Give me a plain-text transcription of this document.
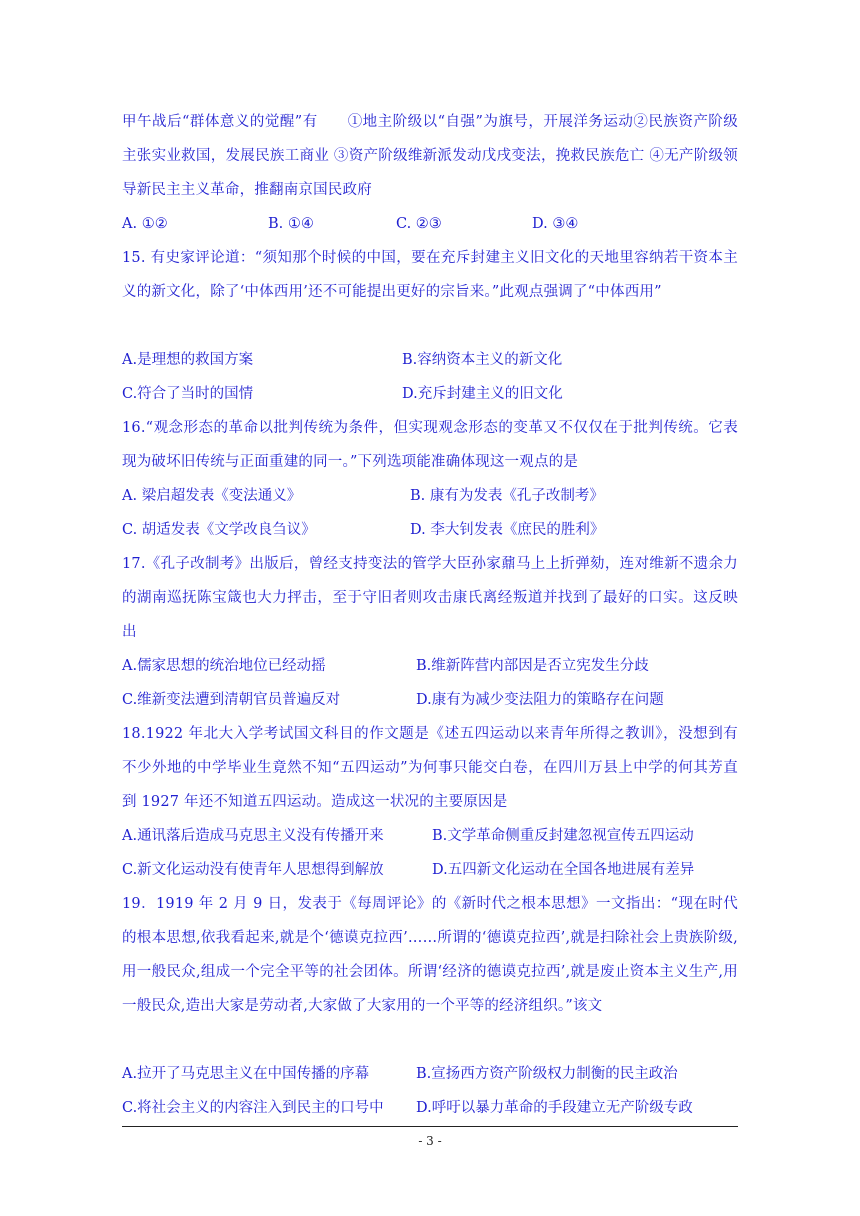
甲午战后“群体意义的觉醒”有　　①地主阶级以“自强”为旗号，开展洋务运动②民族资产阶级主张实业救国，发展民族工商业 ③资产阶级维新派发动戊戌变法，挽救民族危亡 ④无产阶级领导新民主主义革命，推翻南京国民政府

A. ①②	B. ①④	C. ②③	D. ③④

15. 有史家评论道：“须知那个时候的中国，要在充斥封建主义旧文化的天地里容纳若干资本主义的新文化，除了‘中体西用’还不可能提出更好的宗旨来。”此观点强调了“中体西用”

A.是理想的救国方案	B.容纳资本主义的新文化
C.符合了当时的国情	D.充斥封建主义的旧文化

16.“观念形态的革命以批判传统为条件，但实现观念形态的变革又不仅仅在于批判传统。它表现为破坏旧传统与正面重建的同一。”下列选项能准确体现这一观点的是

A. 梁启超发表《变法通义》	B. 康有为发表《孔子改制考》
C. 胡适发表《文学改良刍议》	D. 李大钊发表《庶民的胜利》

17.《孔子改制考》出版后，曾经支持变法的管学大臣孙家鼐马上上折弹劾，连对维新不遗余力的湖南巡抚陈宝箴也大力抨击，至于守旧者则攻击康氏离经叛道并找到了最好的口实。这反映出

A.儒家思想的统治地位已经动摇	B.维新阵营内部因是否立宪发生分歧
C.维新变法遭到清朝官员普遍反对	D.康有为减少变法阻力的策略存在问题

18.1922 年北大入学考试国文科目的作文题是《述五四运动以来青年所得之教训》，没想到有不少外地的中学毕业生竟然不知“五四运动”为何事只能交白卷，在四川万县上中学的何其芳直到 1927 年还不知道五四运动。造成这一状况的主要原因是

A.通讯落后造成马克思主义没有传播开来	B.文学革命侧重反封建忽视宣传五四运动
C.新文化运动没有使青年人思想得到解放	D.五四新文化运动在全国各地进展有差异

19．1919 年 2 月 9 日，发表于《每周评论》的《新时代之根本思想》一文指出：“现在时代的根本思想,依我看起来,就是个‘德谟克拉西’……所谓的‘德谟克拉西’,就是扫除社会上贵族阶级,用一般民众,组成一个完全平等的社会团体。所谓‘经济的德谟克拉西’,就是废止资本主义生产,用一般民众,造出大家是劳动者,大家做了大家用的一个平等的经济组织。”该文

A.拉开了马克思主义在中国传播的序幕	B.宣扬西方资产阶级权力制衡的民主政治
C.将社会主义的内容注入到民主的口号中 D.呼吁以暴力革命的手段建立无产阶级专政
- 3 -
